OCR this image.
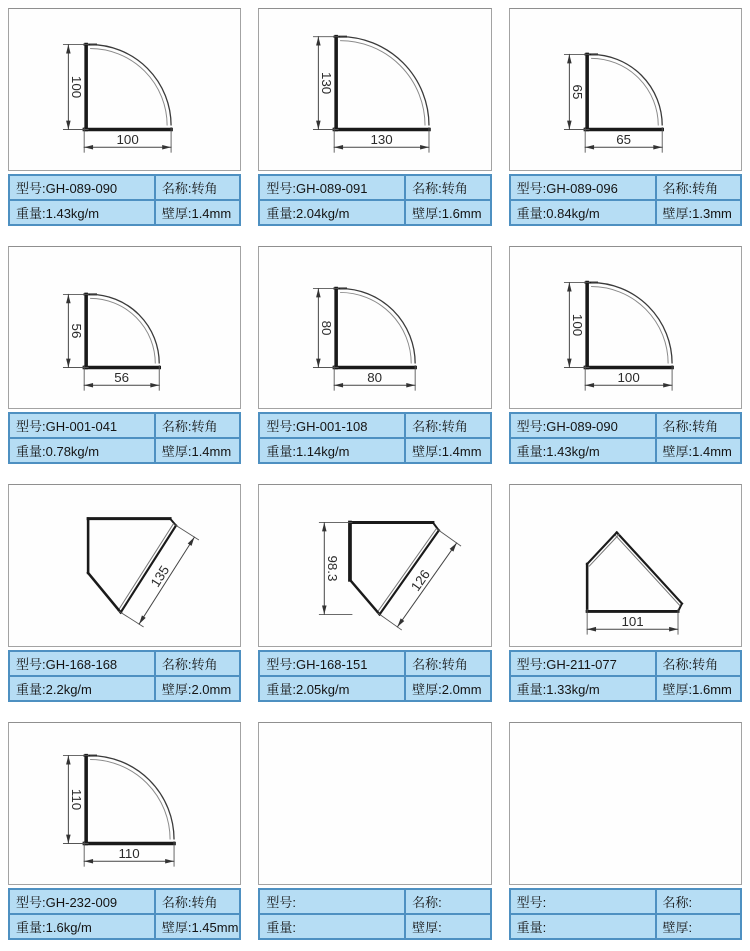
100
100
型号:GH-089-090	名称:转角
重量:1.43kg/m	壁厚:1.4mm
130
130
型号:GH-089-091	名称:转角
重量:2.04kg/m	壁厚:1.6mm
65
65
型号:GH-089-096	名称:转角
重量:0.84kg/m	壁厚:1.3mm
56
56
型号:GH-001-041	名称:转角
重量:0.78kg/m	壁厚:1.4mm
80
80
型号:GH-001-108	名称:转角
重量:1.14kg/m	壁厚:1.4mm
100
100
型号:GH-089-090	名称:转角
重量:1.43kg/m	壁厚:1.4mm
135
型号:GH-168-168	名称:转角
重量:2.2kg/m	壁厚:2.0mm
98.3	126
型号:GH-168-151	名称:转角
重量:2.05kg/m	壁厚:2.0mm
101
型号:GH-211-077	名称:转角
重量:1.33kg/m	壁厚:1.6mm
110
110
型号:GH-232-009	名称:转角
重量:1.6kg/m	壁厚:1.45mm
型号:	名称:
重量:	壁厚:
型号:	名称:
重量:	壁厚:
